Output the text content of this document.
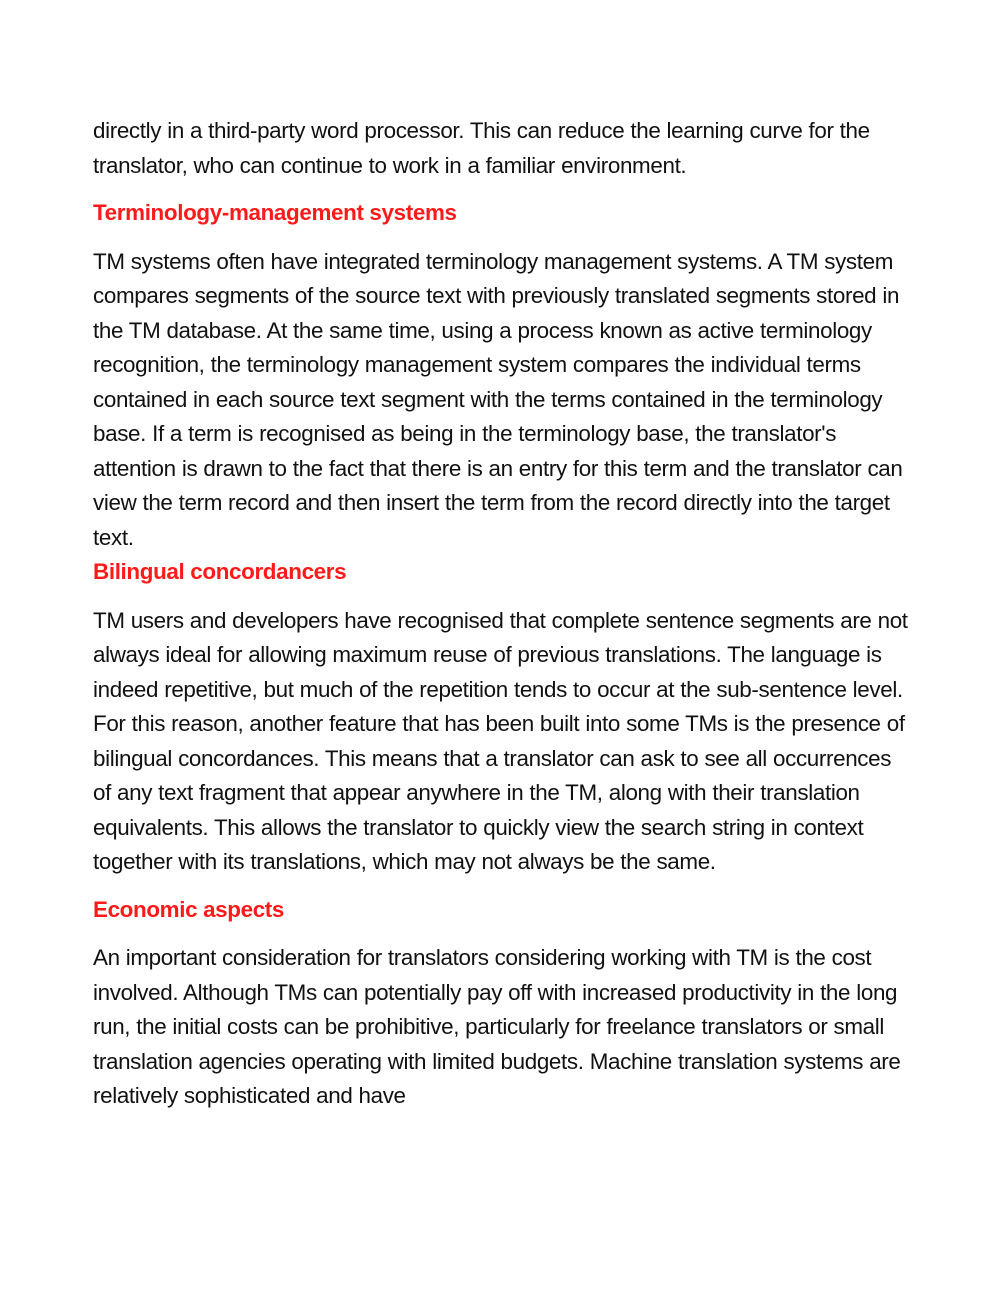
directly in a third-party word processor. This can reduce the learning curve for the translator, who can continue to work in a familiar environment.

Terminology-management systems

TM systems often have integrated terminology management systems. A TM system compares segments of the source text with previously translated segments stored in the TM database. At the same time, using a process known as active terminology recognition, the terminology management system compares the individual terms contained in each source text segment with the terms contained in the terminology base. If a term is recognised as being in the terminology base, the translator's attention is drawn to the fact that there is an entry for this term and the translator can view the term record and then insert the term from the record directly into the target text.

Bilingual concordancers

TM users and developers have recognised that complete sentence segments are not always ideal for allowing maximum reuse of previous translations. The language is indeed repetitive, but much of the repetition tends to occur at the sub-sentence level. For this reason, another feature that has been built into some TMs is the presence of bilingual concordances. This means that a translator can ask to see all occurrences of any text fragment that appear anywhere in the TM, along with their translation equivalents. This allows the translator to quickly view the search string in context together with its translations, which may not always be the same.

Economic aspects

An important consideration for translators considering working with TM is the cost involved. Although TMs can potentially pay off with increased productivity in the long run, the initial costs can be prohibitive, particularly for freelance translators or small translation agencies operating with limited budgets. Machine translation systems are relatively sophisticated and have
